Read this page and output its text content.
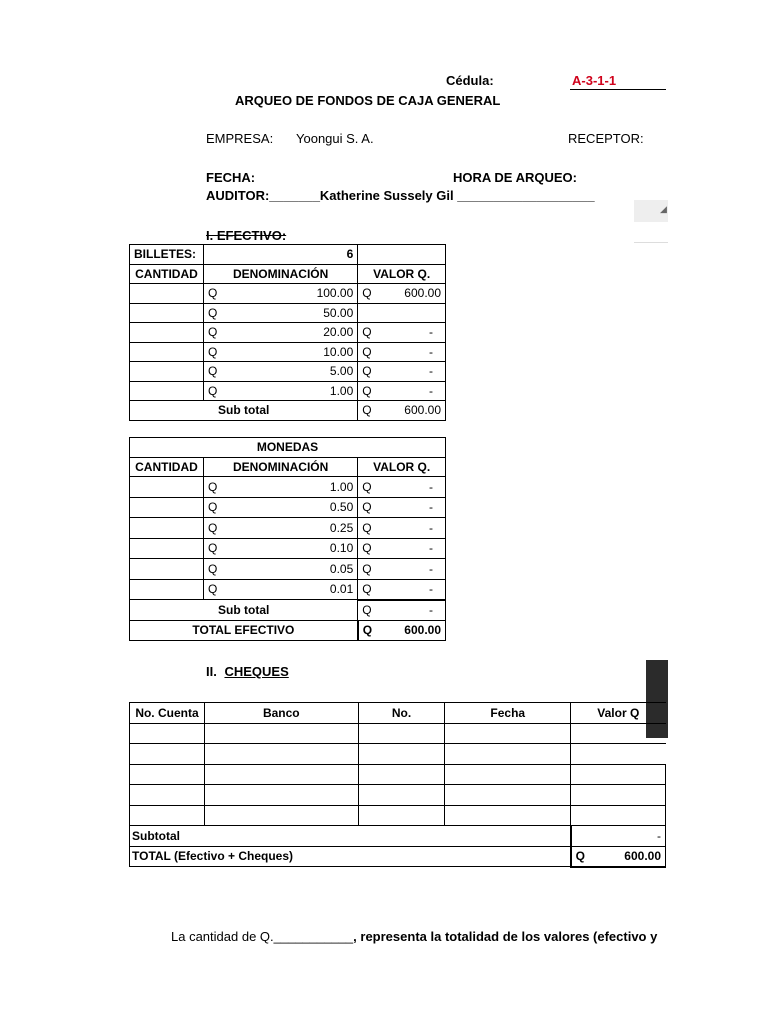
Cédula:	A-3-1-1
ARQUEO DE FONDOS DE CAJA GENERAL
EMPRESA: Yoongui S. A.	RECEPTOR:
FECHA:	HORA DE ARQUEO:
AUDITOR:_______Katherine Sussely Gil ___________________
◢
I. EFECTIVO:
BILLETES:	6	
CANTIDAD	DENOMINACIÓN	VALOR Q.

	Q 100.00	Q 600.00

	Q 50.00	

	Q 20.00	Q -

	Q 10.00	Q -

	Q 5.00	Q -

	Q 1.00	Q -

Sub total		Q 600.00
MONEDAS		
CANTIDAD	DENOMINACIÓN	VALOR Q.

	Q 1.00	Q -

	Q 0.50	Q -

	Q 0.25	Q -

	Q 0.10	Q -

	Q 0.05	Q -

	Q 0.01	Q -

Sub total		Q -

TOTAL EFECTIVO		Q 600.00
II. CHEQUES
No. Cuenta	Banco	No.	Fecha	Valor Q

Subtotal				-
TOTAL (Efectivo + Cheques)				Q 600.00
La cantidad de Q.___________, representa la totalidad de los valores (efectivo y
